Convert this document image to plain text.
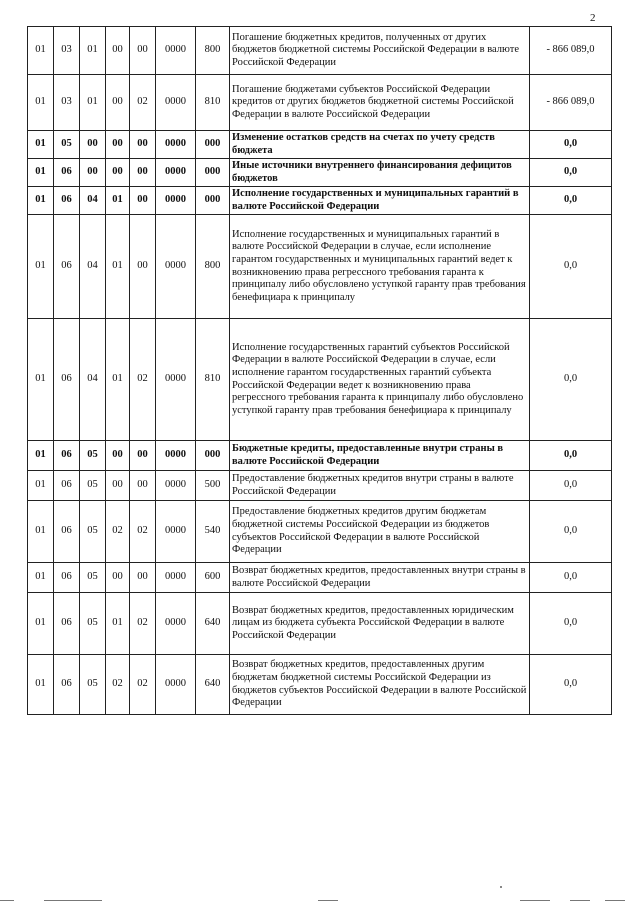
2
01	03	01	00	00	0000	800	Погашение бюджетных кредитов, полученных от других бюджетов бюджетной системы Российской Федерации в валюте Российской Федерации	- 866 089,0
01	03	01	00	02	0000	810	Погашение бюджетами субъектов Российской Федерации кредитов от других бюджетов бюджетной системы Российской Федерации в валюте Российской Федерации	- 866 089,0
01	05	00	00	00	0000	000	Изменение остатков средств на счетах по учету средств бюджета	0,0
01	06	00	00	00	0000	000	Иные источники внутреннего финансирования дефицитов бюджетов	0,0
01	06	04	01	00	0000	000	Исполнение государственных и муниципальных гарантий в валюте Российской Федерации	0,0
01	06	04	01	00	0000	800	Исполнение государственных и муниципальных гарантий в валюте Российской Федерации в случае, если исполнение гарантом государственных и муниципальных гарантий ведет к возникновению права регрессного требования гаранта к принципалу либо обусловлено уступкой гаранту прав требования бенефициара к принципалу	0,0
01	06	04	01	02	0000	810	Исполнение государственных гарантий субъектов Российской Федерации в валюте Российской Федерации в случае, если исполнение гарантом государственных гарантий субъекта Российской Федерации ведет к возникновению права регрессного требования гаранта к принципалу либо обусловлено уступкой гаранту прав требования бенефициара к принципалу	0,0
01	06	05	00	00	0000	000	Бюджетные кредиты, предоставленные внутри страны в валюте Российской Федерации	0,0
01	06	05	00	00	0000	500	Предоставление бюджетных кредитов внутри страны в валюте Российской Федерации	0,0
01	06	05	02	02	0000	540	Предоставление бюджетных кредитов другим бюджетам бюджетной системы Российской Федерации из бюджетов субъектов Российской Федерации в валюте Российской Федерации	0,0
01	06	05	00	00	0000	600	Возврат бюджетных кредитов, предоставленных внутри страны в валюте Российской Федерации	0,0
01	06	05	01	02	0000	640	Возврат бюджетных кредитов, предоставленных юридическим лицам из бюджета субъекта Российской Федерации в валюте Российской Федерации	0,0
01	06	05	02	02	0000	640	Возврат бюджетных кредитов, предоставленных другим бюджетам бюджетной системы Российской Федерации из бюджетов субъектов Российской Федерации в валюте Российской Федерации	0,0
